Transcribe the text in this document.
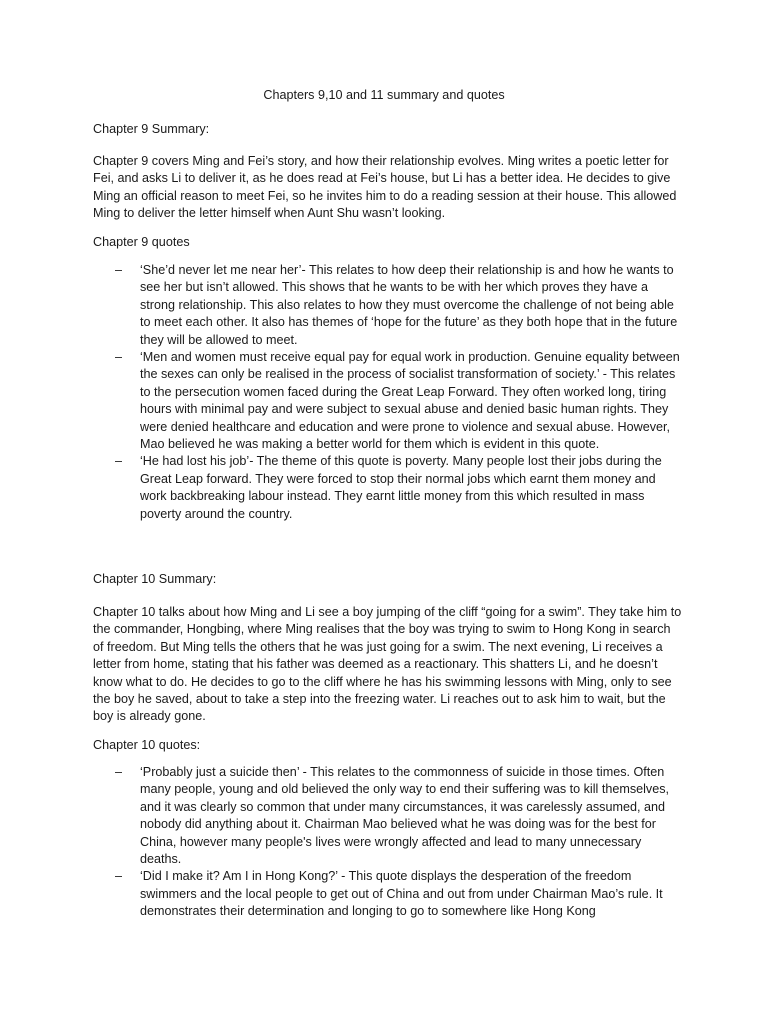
Chapters 9,10 and 11 summary and quotes

Chapter 9 Summary:

Chapter 9 covers Ming and Fei’s story, and how their relationship evolves. Ming writes a poetic letter for Fei, and asks Li to deliver it, as he does read at Fei’s house, but Li has a better idea. He decides to give Ming an official reason to meet Fei, so he invites him to do a reading session at their house. This allowed Ming to deliver the letter himself when Aunt Shu wasn’t looking.

Chapter 9 quotes

– ‘She’d never let me near her’- This relates to how deep their relationship is and how he wants to see her but isn’t allowed. This shows that he wants to be with her which proves they have a strong relationship. This also relates to how they must overcome the challenge of not being able to meet each other. It also has themes of ‘hope for the future’ as they both hope that in the future they will be allowed to meet.
– ‘Men and women must receive equal pay for equal work in production. Genuine equality between the sexes can only be realised in the process of socialist transformation of society.’ - This relates to the persecution women faced during the Great Leap Forward. They often worked long, tiring hours with minimal pay and were subject to sexual abuse and denied basic human rights. They were denied healthcare and education and were prone to violence and sexual abuse. However, Mao believed he was making a better world for them which is evident in this quote.
– ‘He had lost his job’- The theme of this quote is poverty. Many people lost their jobs during the Great Leap forward. They were forced to stop their normal jobs which earnt them money and work backbreaking labour instead. They earnt little money from this which resulted in mass poverty around the country.

Chapter 10 Summary:

Chapter 10 talks about how Ming and Li see a boy jumping of the cliff “going for a swim”. They take him to the commander, Hongbing, where Ming realises that the boy was trying to swim to Hong Kong in search of freedom. But Ming tells the others that he was just going for a swim. The next evening, Li receives a letter from home, stating that his father was deemed as a reactionary. This shatters Li, and he doesn’t know what to do. He decides to go to the cliff where he has his swimming lessons with Ming, only to see the boy he saved, about to take a step into the freezing water. Li reaches out to ask him to wait, but the boy is already gone.

Chapter 10 quotes:

– ‘Probably just a suicide then’ - This relates to the commonness of suicide in those times. Often many people, young and old believed the only way to end their suffering was to kill themselves, and it was clearly so common that under many circumstances, it was carelessly assumed, and nobody did anything about it. Chairman Mao believed what he was doing was for the best for China, however many people's lives were wrongly affected and lead to many unnecessary deaths.
– ‘Did I make it? Am I in Hong Kong?’ - This quote displays the desperation of the freedom swimmers and the local people to get out of China and out from under Chairman Mao’s rule. It demonstrates their determination and longing to go to somewhere like Hong Kong
